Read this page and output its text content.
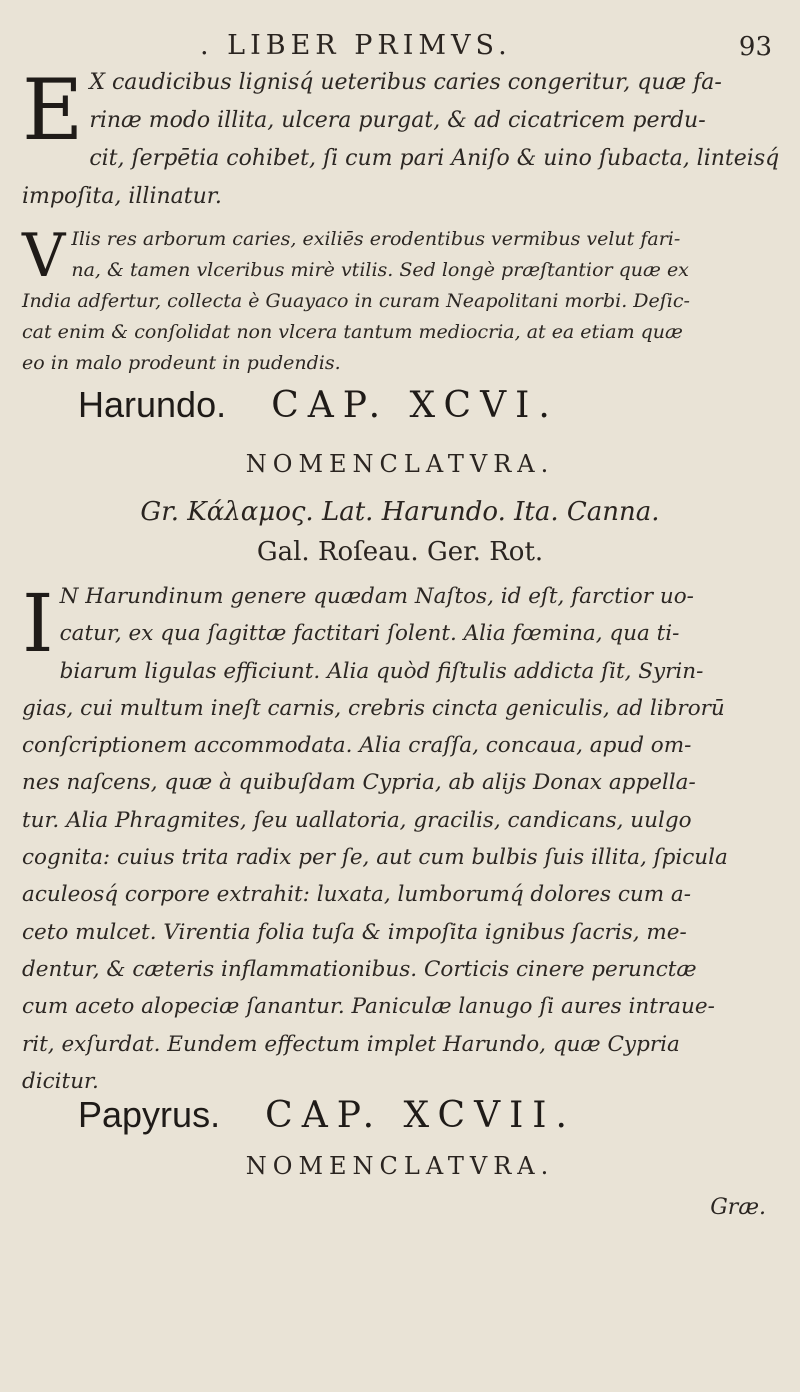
. LIBER PRIMVS.	93
E X caudicibus lignisq́ ueteribus caries congeritur, quæ fa-
rinæ modo illita, ulcera purgat, & ad cicatricem perdu-
cit, ſerpētia cohibet, ſi cum pari Aniſo & uino ſubacta, linteisq́
impoſita, illinatur.
V Ilis res arborum caries, exiliēs erodentibus vermibus velut fari-
na, & tamen vlceribus mirè vtilis. Sed longè præſtantior quæ ex
India adfertur, collecta è Guayaco in curam Neapolitani morbi. Deſic-
cat enim & conſolidat non vlcera tantum mediocria, at ea etiam quæ
eo in malo prodeunt in pudendis.
Harundo. CAP. XCVI.
NOMENCLATVRA.
Gr. Κάλαμος. Lat. Harundo. Ita. Canna.
Gal. Roſeau. Ger. Rot.
I N Harundinum genere quædam Naſtos, id eſt, farctior uo-
catur, ex qua ſagittæ factitari ſolent. Alia fœmina, qua ti-
biarum ligulas efficiunt. Alia quòd fiſtulis addicta ſit, Syrin-
gias, cui multum ineſt carnis, crebris cincta geniculis, ad librorū
conſcriptionem accommodata. Alia craſſa, concaua, apud om-
nes naſcens, quæ à quibuſdam Cypria, ab alijs Donax appella-
tur. Alia Phragmites, ſeu uallatoria, gracilis, candicans, uulgo
cognita: cuius trita radix per ſe, aut cum bulbis ſuis illita, ſpicula
aculeosq́ corpore extrahit: luxata, lumborumq́ dolores cum a-
ceto mulcet. Virentia folia tuſa & impoſita ignibus ſacris, me-
dentur, & cæteris inflammationibus. Corticis cinere perunctæ
cum aceto alopeciæ ſanantur. Paniculæ lanugo ſi aures intraue-
rit, exſurdat. Eundem effectum implet Harundo, quæ Cypria
dicitur.
Papyrus. CAP. XCVII.
NOMENCLATVRA.
Græ.
